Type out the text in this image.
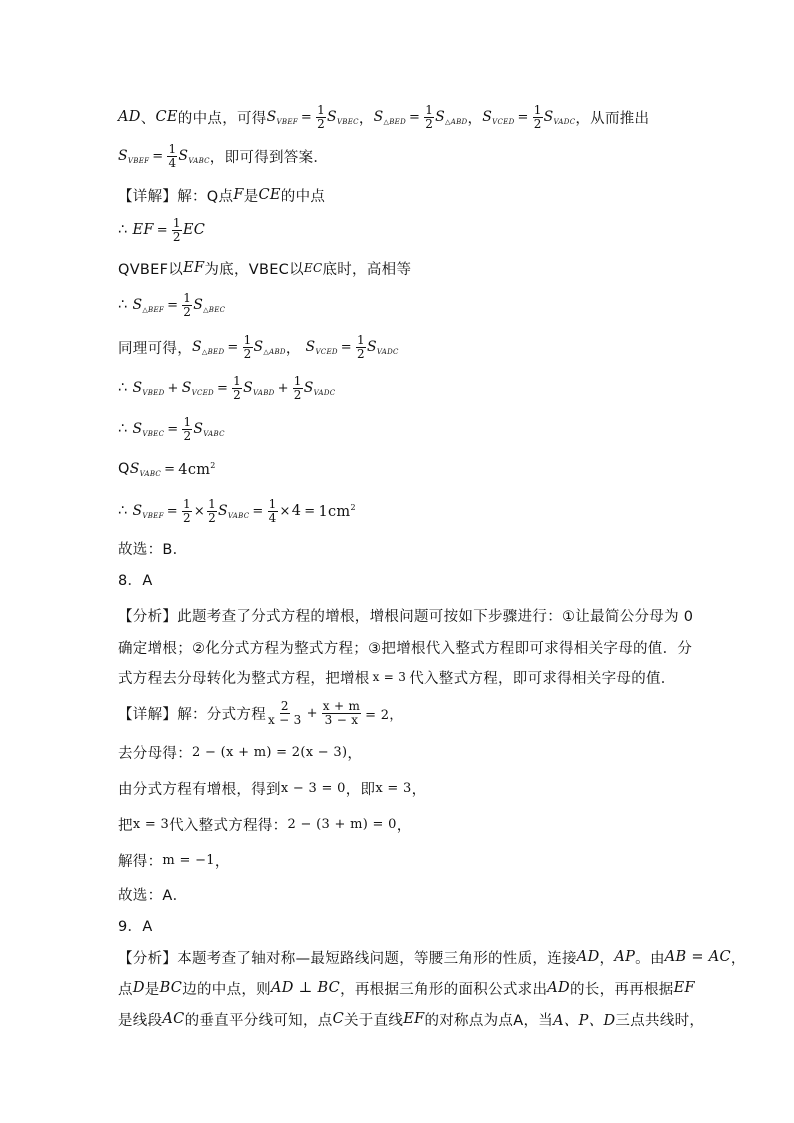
AD 、 CE 的中点，可得 $S_{VBEF} = \frac{1}{2} S_{VBEC}$ ， $S_{\triangle BED} = \frac{1}{2} S_{\triangle ABD}$ ， $S_{VCED} = \frac{1}{2} S_{VADC}$ ，从而推出
$S_{VBEF} = \frac{1}{4} S_{VABC}$ ，即可得到答案．
【详解】解：Q点 F 是 CE 的中点
∴
EF = $\frac{1}{2}$ EC
QVBEF以 EF 为底，VBEC以 EC 底时，高相等
∴
$S_{\triangle BEF} = \frac{1}{2} S_{\triangle BEC}$
同理可得， $S_{\triangle BED} = \frac{1}{2} S_{\triangle ABD}$ ，
$S_{VCED} = \frac{1}{2} S_{VADC}$
∴
$S_{VBED} + S_{VCED} = \frac{1}{2} S_{VABD} + \frac{1}{2} S_{VADC}$
∴
$S_{VBEC} = \frac{1}{2} S_{VABC}$
Q $S_{VABC} = 4cm^2$
∴
$S_{VBEF} = \frac{1}{2} \times \frac{1}{2} S_{VABC} = \frac{1}{4} \times 4 = 1cm^2$
故选：B．
8．A
【分析】此题考查了分式方程的增根，增根问题可按如下步骤进行：①让最简公分母为 0
确定增根；②化分式方程为整式方程；③把增根代入整式方程即可求得相关字母的值．分
式方程去分母转化为整式方程，把增根 x = 3 代入整式方程，即可求得相关字母的值．
【详解】解：分式方程 $\frac{2}{x - 3} + \frac{x + m}{3 - x} = 2$，
去分母得： 2 − (x + m) = 2(x − 3) ，
由分式方程有增根，得到 x − 3 = 0 ，即 x = 3 ，
把 x = 3 代入整式方程得： 2 − (3 + m) = 0 ，
解得： m = −1 ，
故选：A．
9．A
【分析】本题考查了轴对称—最短路线问题，等腰三角形的性质，连接 AD ， AP 。由 AB = AC ，
点 D 是 BC 边的中点，则 AD ⊥ BC ，再根据三角形的面积公式求出 AD 的长，再再根据 EF
是线段 AC 的垂直平分线可知，点 C 关于直线 EF 的对称点为点A，当 A、P、D 三点共线时，
